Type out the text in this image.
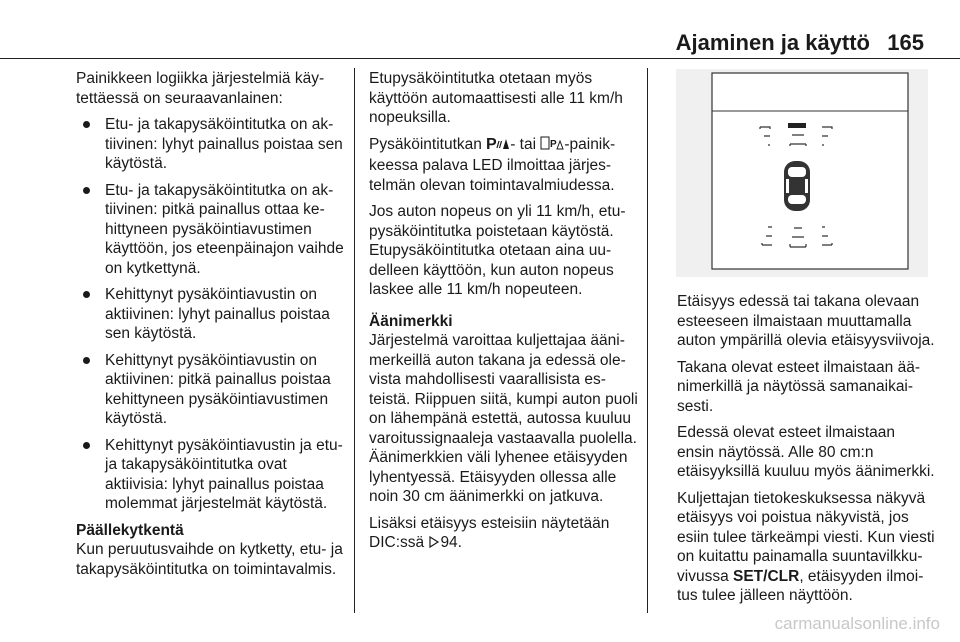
Ajaminen ja käyttö 165

Painikkeen logiikka järjestelmiä käytettäessä on seuraavanlainen:

Etu- ja takapysäköintitutka on aktiivinen: lyhyt painallus poistaa sen käytöstä.
Etu- ja takapysäköintitutka on aktiivinen: pitkä painallus ottaa kehittyneen pysäköintiavustimen käyttöön, jos eteenpäinajon vaihde on kytkettynä.
Kehittynyt pysäköintiavustin on aktiivinen: lyhyt painallus poistaa sen käytöstä.
Kehittynyt pysäköintiavustin on aktiivinen: pitkä painallus poistaa kehittyneen pysäköintiavustimen käytöstä.
Kehittynyt pysäköintiavustin ja etu- ja takapysäköintitutka ovat aktiivisia: lyhyt painallus poistaa molemmat järjestelmät käytöstä.

Päällekytkentä

Kun peruutusvaihde on kytketty, etu- ja takapysäköintitutka on toimintavalmis.

Etupysäköintitutka otetaan myös käyttöön automaattisesti alle 11 km/h nopeuksilla.

Pysäköintitutkan P - tai P -painikkeessa palava LED ilmoittaa järjestelmän olevan toimintavalmiudessa.

Jos auton nopeus on yli 11 km/h, etupysäköintitutka poistetaan käytöstä. Etupysäköintitutka otetaan aina uudelleen käyttöön, kun auton nopeus laskee alle 11 km/h nopeuteen.

Äänimerkki

Järjestelmä varoittaa kuljettajaa äänimerkeillä auton takana ja edessä olevista mahdollisesti vaarallisista esteistä. Riippuen siitä, kumpi auton puoli on lähempänä estettä, autossa kuuluu varoitussignaaleja vastaavalla puolella. Äänimerkkien väli lyhenee etäisyyden lyhentyessä. Etäisyyden ollessa alle noin 30 cm äänimerkki on jatkuva.

Lisäksi etäisyys esteisiin näytetään DIC:ssä 94.

Etäisyys edessä tai takana olevaan esteeseen ilmaistaan muuttamalla auton ympärillä olevia etäisyysviivoja.

Takana olevat esteet ilmaistaan äänimerkillä ja näytössä samanaikaisesti.

Edessä olevat esteet ilmaistaan ensin näytössä. Alle 80 cm:n etäisyyksillä kuuluu myös äänimerkki.

Kuljettajan tietokeskuksessa näkyvä etäisyys voi poistua näkyvistä, jos esiin tulee tärkeämpi viesti. Kun viesti on kuitattu painamalla suuntavilkkuvivussa SET/CLR, etäisyyden ilmoitus tulee jälleen näyttöön.

carmanualsonline.info
